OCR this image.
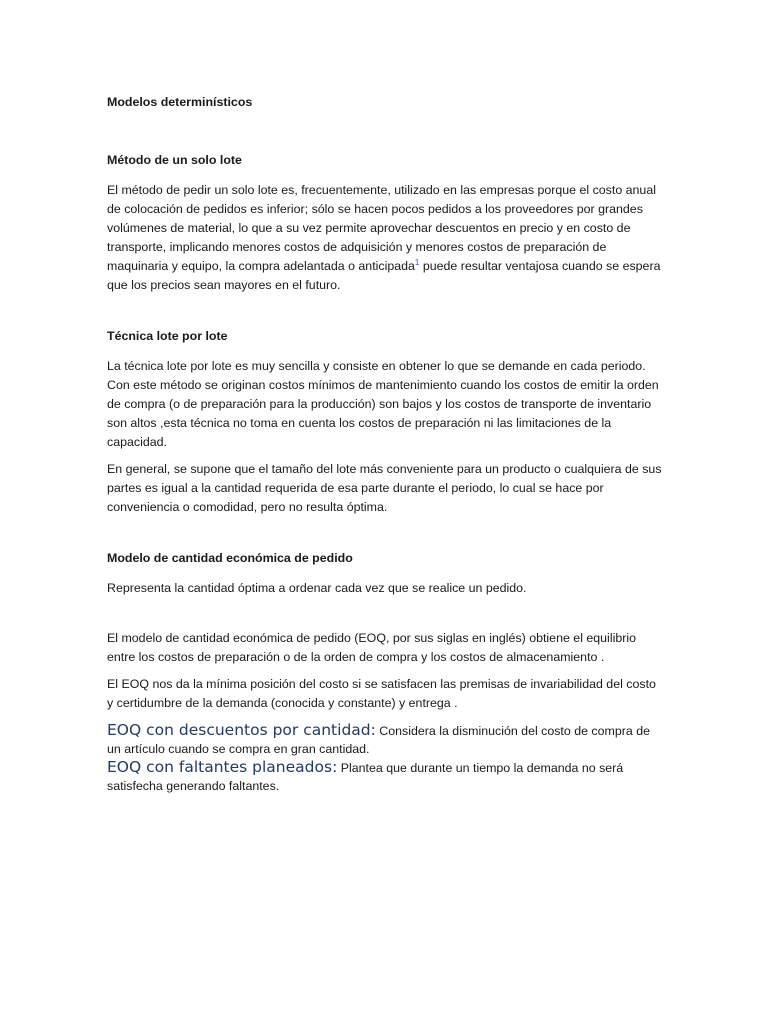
Modelos determinísticos

Método de un solo lote

El método de pedir un solo lote es, frecuentemente, utilizado en las empresas porque el costo anual de colocación de pedidos es inferior; sólo se hacen pocos pedidos a los proveedores por grandes volúmenes de material, lo que a su vez permite aprovechar descuentos en precio y en costo de transporte, implicando menores costos de adquisición y menores costos de preparación de maquinaria y equipo, la compra adelantada o anticipada$^1$ puede resultar ventajosa cuando se espera que los precios sean mayores en el futuro.

Técnica lote por lote

La técnica lote por lote es muy sencilla y consiste en obtener lo que se demande en cada periodo. Con este método se originan costos mínimos de mantenimiento cuando los costos de emitir la orden de compra (o de preparación para la producción) son bajos y los costos de transporte de inventario son altos ,esta técnica no toma en cuenta los costos de preparación ni las limitaciones de la capacidad.

En general, se supone que el tamaño del lote más conveniente para un producto o cualquiera de sus partes es igual a la cantidad requerida de esa parte durante el periodo, lo cual se hace por conveniencia o comodidad, pero no resulta óptima.

Modelo de cantidad económica de pedido

Representa la cantidad óptima a ordenar cada vez que se realice un pedido.

El modelo de cantidad económica de pedido (EOQ, por sus siglas en inglés) obtiene el equilibrio entre los costos de preparación o de la orden de compra y los costos de almacenamiento .

El EOQ nos da la mínima posición del costo si se satisfacen las premisas de invariabilidad del costo y certidumbre de la demanda (conocida y constante) y entrega .

EOQ con descuentos por cantidad: Considera la disminución del costo de compra de un artículo cuando se compra en gran cantidad.

EOQ con faltantes planeados: Plantea que durante un tiempo la demanda no será satisfecha generando faltantes.
